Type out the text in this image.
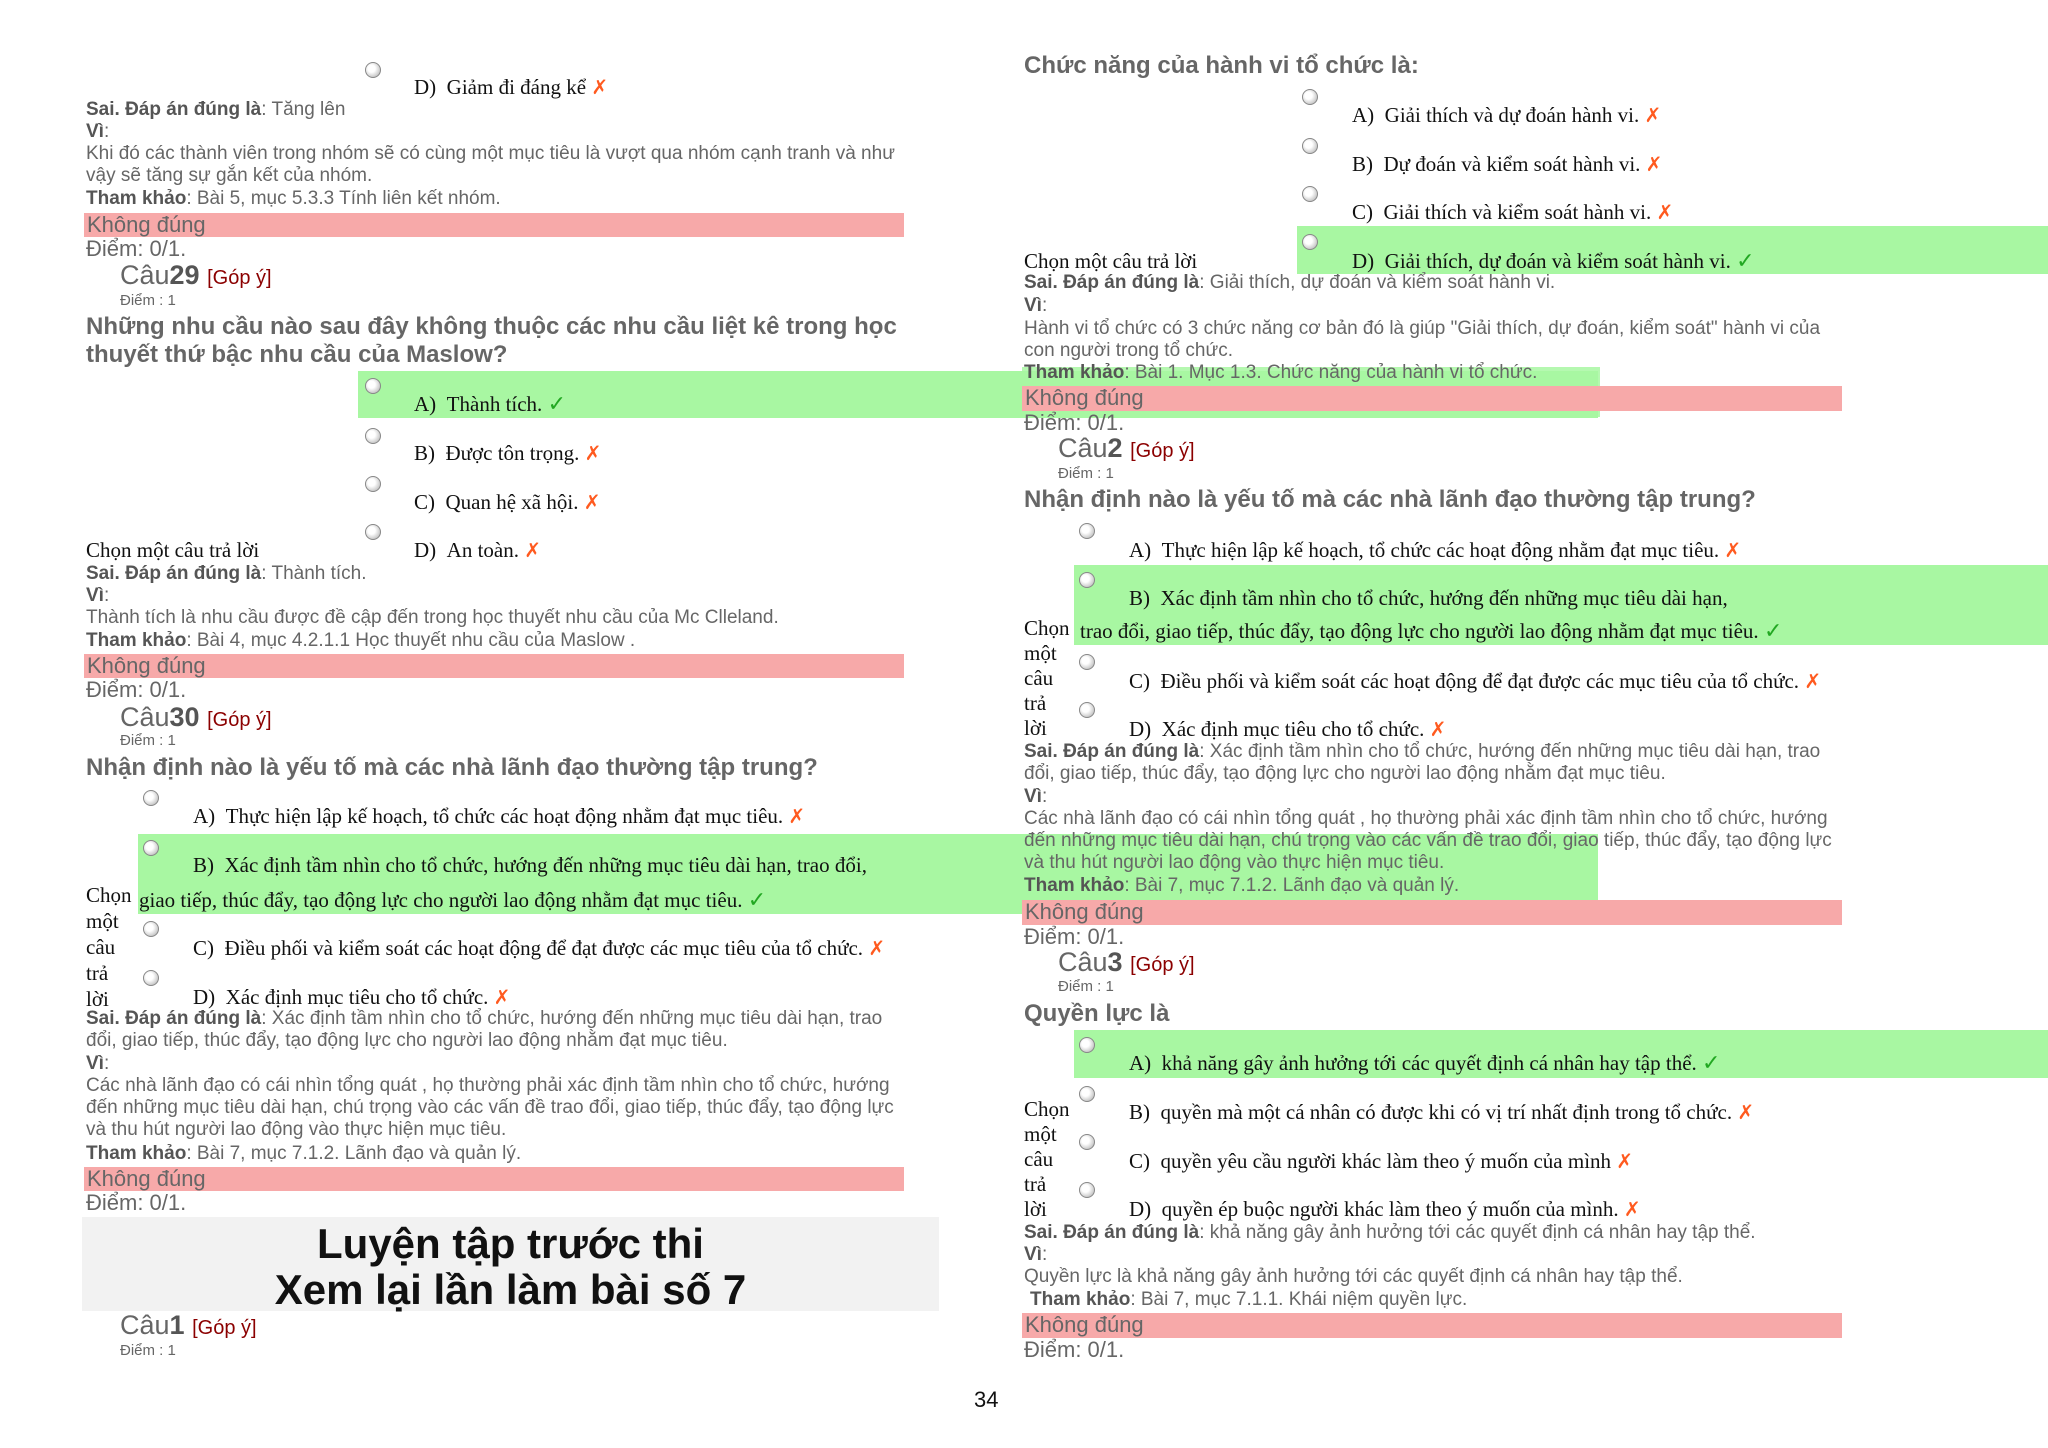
D) Giảm đi đáng kể ✗
Sai. Đáp án đúng là: Tăng lên
Vì:
Khi đó các thành viên trong nhóm sẽ có cùng một mục tiêu là vượt qua nhóm cạnh tranh và như vậy sẽ tăng sự gắn kết của nhóm.
Tham khảo: Bài 5, mục 5.3.3 Tính liên kết nhóm.
Không đúng
Điểm: 0/1.
Câu29 [Góp ý]
Điểm : 1
Những nhu cầu nào sau đây không thuộc các nhu cầu liệt kê trong học thuyết thứ bậc nhu cầu của Maslow?
A) Thành tích. ✓
B) Được tôn trọng. ✗
C) Quan hệ xã hội. ✗
Chọn một câu trả lời	D) An toàn. ✗
Sai. Đáp án đúng là: Thành tích.
Vì:
Thành tích là nhu cầu được đề cập đến trong học thuyết nhu cầu của Mc Clleland.
Tham khảo: Bài 4, mục 4.2.1.1 Học thuyết nhu cầu của Maslow .
Không đúng
Điểm: 0/1.
Câu30 [Góp ý]
Điểm : 1
Nhận định nào là yếu tố mà các nhà lãnh đạo thường tập trung?
A) Thực hiện lập kế hoạch, tổ chức các hoạt động nhằm đạt mục tiêu. ✗
B) Xác định tầm nhìn cho tổ chức, hướng đến những mục tiêu dài hạn, trao đổi,
giao tiếp, thúc đẩy, tạo động lực cho người lao động nhằm đạt mục tiêu. ✓
C) Điều phối và kiểm soát các hoạt động để đạt được các mục tiêu của tổ chức. ✗
D) Xác định mục tiêu cho tổ chức. ✗
Chọn
một
câu
trả
lời
Sai. Đáp án đúng là: Xác định tầm nhìn cho tổ chức, hướng đến những mục tiêu dài hạn, trao đổi, giao tiếp, thúc đẩy, tạo động lực cho người lao động nhằm đạt mục tiêu.
Vì:
Các nhà lãnh đạo có cái nhìn tổng quát , họ thường phải xác định tầm nhìn cho tổ chức, hướng đến những mục tiêu dài hạn, chú trọng vào các vấn đề trao đổi, giao tiếp, thúc đẩy, tạo động lực và thu hút người lao động vào thực hiện mục tiêu.
Tham khảo: Bài 7, mục 7.1.2. Lãnh đạo và quản lý.
Không đúng
Điểm: 0/1.
Luyện tập trước thi
Xem lại lần làm bài số 7
Câu1 [Góp ý]
Điểm : 1
Chức năng của hành vi tổ chức là:
A) Giải thích và dự đoán hành vi. ✗
B) Dự đoán và kiểm soát hành vi. ✗
C) Giải thích và kiểm soát hành vi. ✗
D) Giải thích, dự đoán và kiểm soát hành vi. ✓
Chọn một câu trả lời
Sai. Đáp án đúng là: Giải thích, dự đoán và kiểm soát hành vi.
Vì:
Hành vi tổ chức có 3 chức năng cơ bản đó là giúp "Giải thích, dự đoán, kiểm soát" hành vi của con người trong tổ chức.
Tham khảo: Bài 1. Mục 1.3. Chức năng của hành vi tổ chức.
Không đúng
Điểm: 0/1.
Câu2 [Góp ý]
Điểm : 1
Nhận định nào là yếu tố mà các nhà lãnh đạo thường tập trung?
A) Thực hiện lập kế hoạch, tổ chức các hoạt động nhằm đạt mục tiêu. ✗
B) Xác định tầm nhìn cho tổ chức, hướng đến những mục tiêu dài hạn,
trao đổi, giao tiếp, thúc đẩy, tạo động lực cho người lao động nhằm đạt mục tiêu. ✓
C) Điều phối và kiểm soát các hoạt động để đạt được các mục tiêu của tổ chức. ✗
D) Xác định mục tiêu cho tổ chức. ✗
Chọn
một
câu
trả
lời
Sai. Đáp án đúng là: Xác định tầm nhìn cho tổ chức, hướng đến những mục tiêu dài hạn, trao đổi, giao tiếp, thúc đẩy, tạo động lực cho người lao động nhằm đạt mục tiêu.
Vì:
Các nhà lãnh đạo có cái nhìn tổng quát , họ thường phải xác định tầm nhìn cho tổ chức, hướng đến những mục tiêu dài hạn, chú trọng vào các vấn đề trao đổi, giao tiếp, thúc đẩy, tạo động lực và thu hút người lao động vào thực hiện mục tiêu.
Tham khảo: Bài 7, mục 7.1.2. Lãnh đạo và quản lý.
Không đúng
Điểm: 0/1.
Câu3 [Góp ý]
Điểm : 1
Quyền lực là
A) khả năng gây ảnh hưởng tới các quyết định cá nhân hay tập thể. ✓
B) quyền mà một cá nhân có được khi có vị trí nhất định trong tổ chức. ✗
C) quyền yêu cầu người khác làm theo ý muốn của mình ✗
D) quyền ép buộc người khác làm theo ý muốn của mình. ✗
Chọn
một
câu
trả
lời
Sai. Đáp án đúng là: khả năng gây ảnh hưởng tới các quyết định cá nhân hay tập thể.
Vì:
Quyền lực là khả năng gây ảnh hưởng tới các quyết định cá nhân hay tập thể.
Tham khảo: Bài 7, mục 7.1.1. Khái niệm quyền lực.
Không đúng
Điểm: 0/1.
34
